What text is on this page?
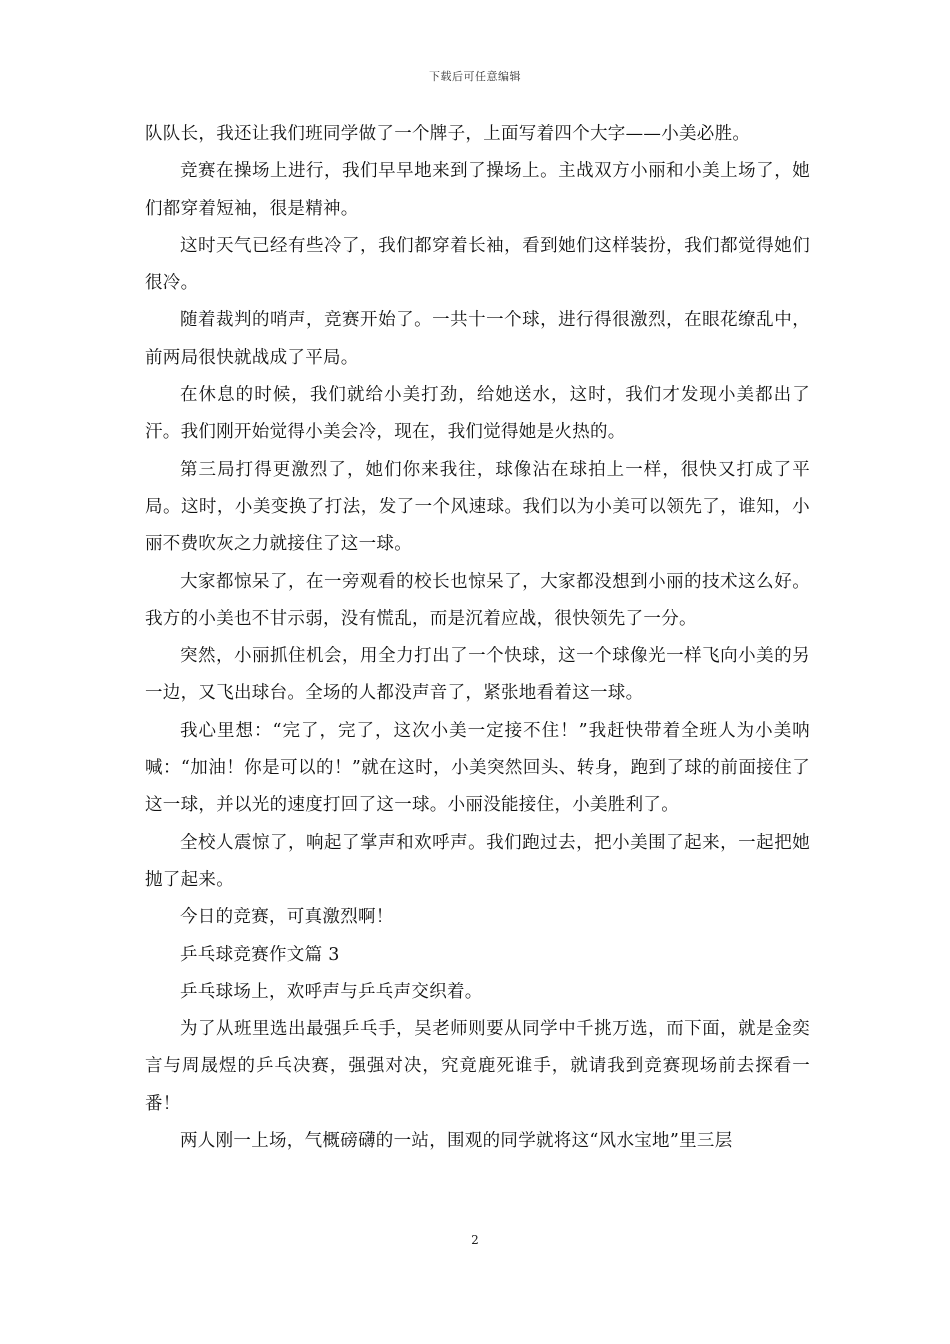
下载后可任意编辑

队队长，我还让我们班同学做了一个牌子，上面写着四个大字——小美必胜。

竞赛在操场上进行，我们早早地来到了操场上。主战双方小丽和小美上场了，她们都穿着短袖，很是精神。

这时天气已经有些冷了，我们都穿着长袖，看到她们这样装扮，我们都觉得她们很冷。

随着裁判的哨声，竞赛开始了。一共十一个球，进行得很激烈，在眼花缭乱中，前两局很快就战成了平局。

在休息的时候，我们就给小美打劲，给她送水，这时，我们才发现小美都出了汗。我们刚开始觉得小美会冷，现在，我们觉得她是火热的。

第三局打得更激烈了，她们你来我往，球像沾在球拍上一样，很快又打成了平局。这时，小美变换了打法，发了一个风速球。我们以为小美可以领先了，谁知，小丽不费吹灰之力就接住了这一球。

大家都惊呆了，在一旁观看的校长也惊呆了，大家都没想到小丽的技术这么好。我方的小美也不甘示弱，没有慌乱，而是沉着应战，很快领先了一分。

突然，小丽抓住机会，用全力打出了一个快球，这一个球像光一样飞向小美的另一边，又飞出球台。全场的人都没声音了，紧张地看着这一球。

我心里想：“完了，完了，这次小美一定接不住！”我赶快带着全班人为小美呐喊：“加油！你是可以的！”就在这时，小美突然回头、转身，跑到了球的前面接住了这一球，并以光的速度打回了这一球。小丽没能接住，小美胜利了。

全校人震惊了，响起了掌声和欢呼声。我们跑过去，把小美围了起来，一起把她抛了起来。

今日的竞赛，可真激烈啊！

乒乓球竞赛作文篇 3

乒乓球场上，欢呼声与乒乓声交织着。

为了从班里选出最强乒乓手，吴老师则要从同学中千挑万选，而下面，就是金奕言与周晟煜的乒乓决赛，强强对决，究竟鹿死谁手，就请我到竞赛现场前去探看一番！

两人刚一上场，气概磅礴的一站，围观的同学就将这“风水宝地”里三层

2
